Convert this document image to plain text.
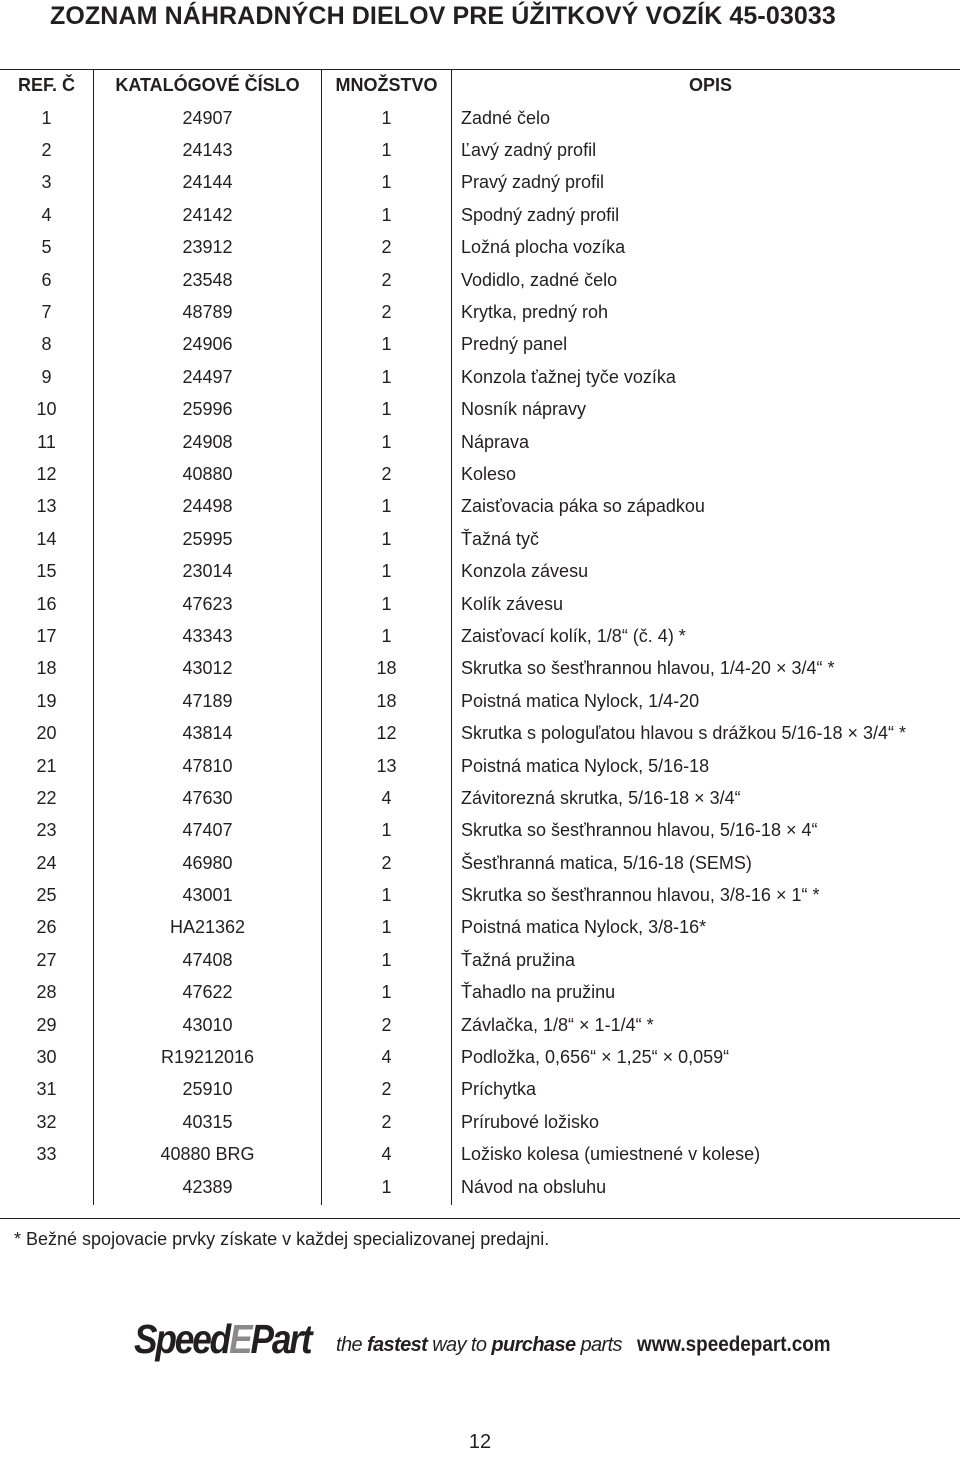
ZOZNAM NÁHRADNÝCH DIELOV PRE ÚŽITKOVÝ VOZÍK 45-03033
REF. Č	KATALÓGOVÉ ČÍSLO	MNOŽSTVO	OPIS
1	24907	1	Zadné čelo
2	24143	1	Ľavý zadný profil
3	24144	1	Pravý zadný profil
4	24142	1	Spodný zadný profil
5	23912	2	Ložná plocha vozíka
6	23548	2	Vodidlo, zadné čelo
7	48789	2	Krytka, predný roh
8	24906	1	Predný panel
9	24497	1	Konzola ťažnej tyče vozíka
10	25996	1	Nosník nápravy
11	24908	1	Náprava
12	40880	2	Koleso
13	24498	1	Zaisťovacia páka so západkou
14	25995	1	Ťažná tyč
15	23014	1	Konzola závesu
16	47623	1	Kolík závesu
17	43343	1	Zaisťovací kolík, 1/8“ (č. 4) *
18	43012	18	Skrutka so šesťhrannou hlavou, 1/4-20 × 3/4“ *
19	47189	18	Poistná matica Nylock, 1/4-20
20	43814	12	Skrutka s pologuľatou hlavou s drážkou 5/16-18 × 3/4“ *
21	47810	13	Poistná matica Nylock, 5/16-18
22	47630	4	Závitorezná skrutka, 5/16-18 × 3/4“
23	47407	1	Skrutka so šesťhrannou hlavou, 5/16-18 × 4“
24	46980	2	Šesťhranná matica, 5/16-18 (SEMS)
25	43001	1	Skrutka so šesťhrannou hlavou, 3/8-16 × 1“ *
26	HA21362	1	Poistná matica Nylock, 3/8-16*
27	47408	1	Ťažná pružina
28	47622	1	Ťahadlo na pružinu
29	43010	2	Závlačka, 1/8“ × 1-1/4“ *
30	R19212016	4	Podložka, 0,656“ × 1,25“ × 0,059“
31	25910	2	Príchytka
32	40315	2	Prírubové ložisko
33	40880 BRG	4	Ložisko kolesa (umiestnené v kolese)
	42389	1	Návod na obsluhu
* Bežné spojovacie prvky získate v každej specializovanej predajni.
SpeedEPart the fastest way to purchase parts www.speedepart.com
12
